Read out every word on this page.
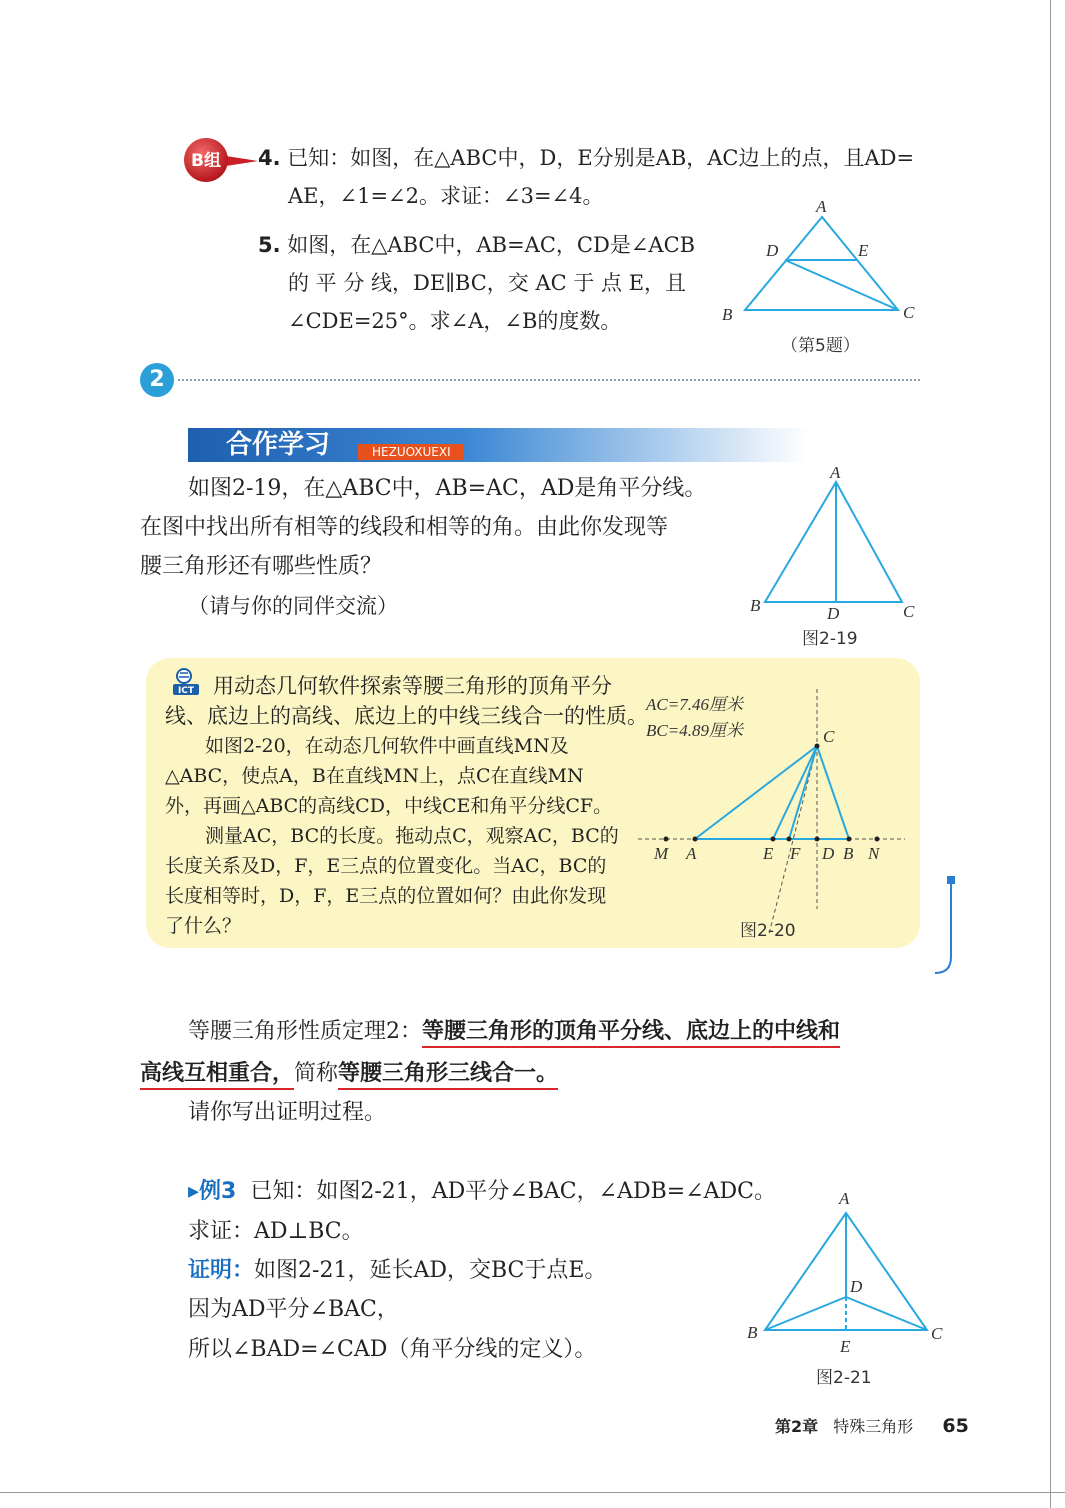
B组 4. 已知：如图，在△ABC中，D，E分别是AB，AC边上的点，且AD=
AE，∠1=∠2。求证：∠3=∠4。
5. 如图，在△ABC中，AB=AC，CD是∠ACB
的 平 分 线，DE∥BC，交 AC 于 点 E，且
∠CDE=25°。求∠A，∠B的度数。
A
D	E
B	C
（第5题）
2
合作学习	HEZUOXUEXI
如图2-19，在△ABC中，AB=AC，AD是角平分线。
在图中找出所有相等的线段和相等的角。由此你发现等
腰三角形还有哪些性质？
（请与你的同伴交流）
A
B	D	C
图2-19
ICT 用动态几何软件探索等腰三角形的顶角平分
线、底边上的高线、底边上的中线三线合一的性质。
如图2-20，在动态几何软件中画直线MN及
△ABC，使点A，B在直线MN上，点C在直线MN
外，再画△ABC的高线CD，中线CE和角平分线CF。
测量AC，BC的长度。拖动点C，观察AC，BC的
长度关系及D，F，E三点的位置变化。当AC，BC的
长度相等时，D，F，E三点的位置如何？由此你发现
了什么？
AC=7.46厘米
BC=4.89厘米	C
M A	E F D B N
图2-20
等腰三角形性质定理2：等腰三角形的顶角平分线、底边上的中线和
高线互相重合，简称等腰三角形三线合一。
请你写出证明过程。
▸例3 已知：如图2-21，AD平分∠BAC，∠ADB=∠ADC。
求证：AD⊥BC。
证明：如图2-21，延长AD，交BC于点E。
因为AD平分∠BAC，
所以∠BAD=∠CAD（角平分线的定义）。
A
D
B
E
C
图2-21
第2章 特殊三角形 65
